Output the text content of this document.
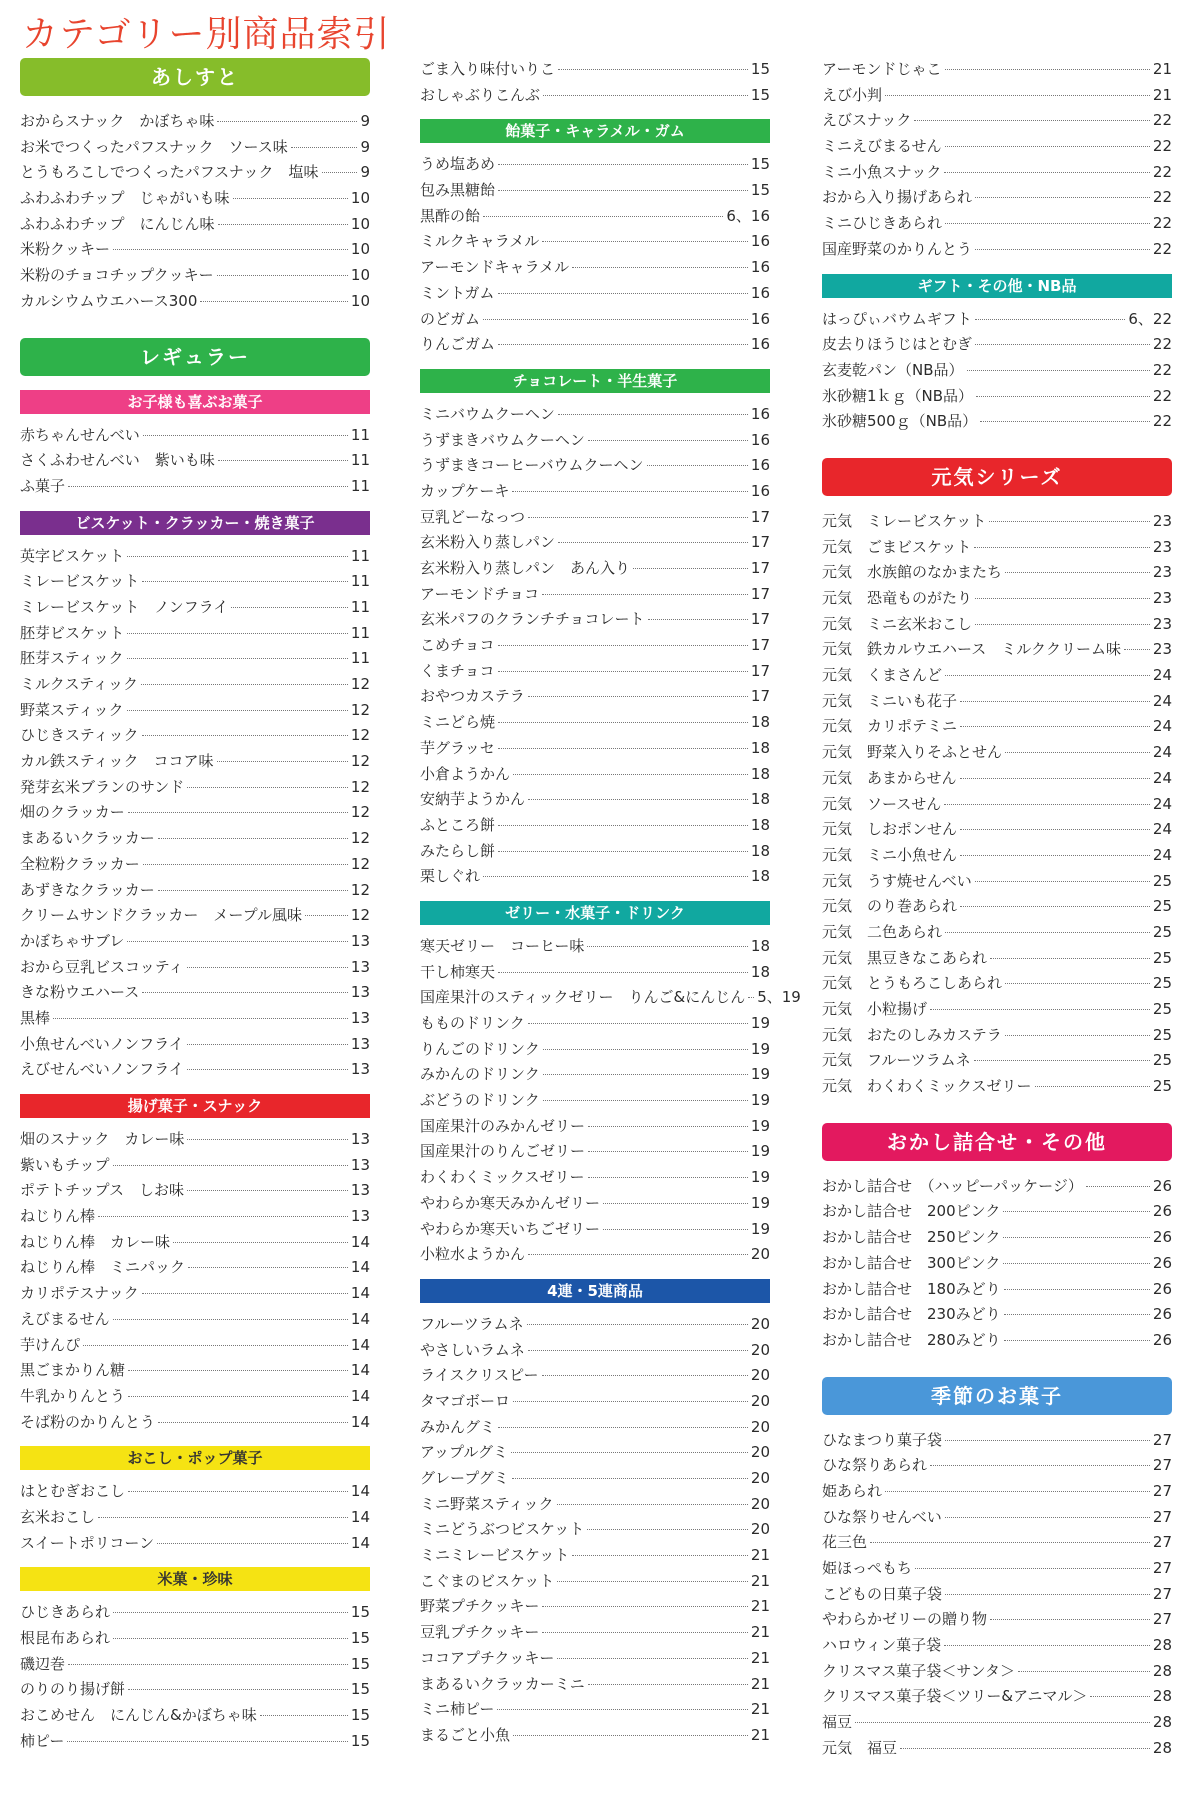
カテゴリー別商品索引
あしすと
おからスナック　かぼちゃ味	9
お米でつくったパフスナック　ソース味	9
とうもろこしでつくったパフスナック　塩味	9
ふわふわチップ　じゃがいも味	10
ふわふわチップ　にんじん味	10
米粉クッキー	10
米粉のチョコチップクッキー	10
カルシウムウエハース300	10
レギュラー
お子様も喜ぶお菓子
赤ちゃんせんべい	11
さくふわせんべい　紫いも味	11
ふ菓子	11
ビスケット・クラッカー・焼き菓子
英字ビスケット	11
ミレービスケット	11
ミレービスケット　ノンフライ	11
胚芽ビスケット	11
胚芽スティック	11
ミルクスティック	12
野菜スティック	12
ひじきスティック	12
カル鉄スティック　ココア味	12
発芽玄米ブランのサンド	12
畑のクラッカー	12
まあるいクラッカー	12
全粒粉クラッカー	12
あずきなクラッカー	12
クリームサンドクラッカー　メープル風味	12
かぼちゃサブレ	13
おから豆乳ビスコッティ	13
きな粉ウエハース	13
黒棒	13
小魚せんべいノンフライ	13
えびせんべいノンフライ	13
揚げ菓子・スナック
畑のスナック　カレー味	13
紫いもチップ	13
ポテトチップス　しお味	13
ねじりん棒	13
ねじりん棒　カレー味	14
ねじりん棒　ミニパック	14
カリポテスナック	14
えびまるせん	14
芋けんぴ	14
黒ごまかりん糖	14
牛乳かりんとう	14
そば粉のかりんとう	14
おこし・ポップ菓子
はとむぎおこし	14
玄米おこし	14
スイートポリコーン	14
米菓・珍味
ひじきあられ	15
根昆布あられ	15
磯辺巻	15
のりのり揚げ餅	15
おこめせん　にんじん&かぼちゃ味	15
柿ピー	15
ごま入り味付いりこ	15
おしゃぶりこんぶ	15
飴菓子・キャラメル・ガム
うめ塩あめ	15
包み黒糖飴	15
黒酢の飴	6、16
ミルクキャラメル	16
アーモンドキャラメル	16
ミントガム	16
のどガム	16
りんごガム	16
チョコレート・半生菓子
ミニバウムクーヘン	16
うずまきバウムクーヘン	16
うずまきコーヒーバウムクーヘン	16
カップケーキ	16
豆乳どーなっつ	17
玄米粉入り蒸しパン	17
玄米粉入り蒸しパン　あん入り	17
アーモンドチョコ	17
玄米パフのクランチチョコレート	17
こめチョコ	17
くまチョコ	17
おやつカステラ	17
ミニどら焼	18
芋グラッセ	18
小倉ようかん	18
安納芋ようかん	18
ふところ餅	18
みたらし餅	18
栗しぐれ	18
ゼリー・水菓子・ドリンク
寒天ゼリー　コーヒー味	18
干し柿寒天	18
国産果汁のスティックゼリー　りんご&にんじん 5、19
もものドリンク	19
りんごのドリンク	19
みかんのドリンク	19
ぶどうのドリンク	19
国産果汁のみかんゼリー	19
国産果汁のりんごゼリー	19
わくわくミックスゼリー	19
やわらか寒天みかんゼリー	19
やわらか寒天いちごゼリー	19
小粒水ようかん	20
4連・5連商品
フルーツラムネ	20
やさしいラムネ	20
ライスクリスピー	20
タマゴボーロ	20
みかんグミ	20
アップルグミ	20
グレープグミ	20
ミニ野菜スティック	20
ミニどうぶつビスケット	20
ミニミレービスケット	21
こぐまのビスケット	21
野菜プチクッキー	21
豆乳プチクッキー	21
ココアプチクッキー	21
まあるいクラッカーミニ	21
ミニ柿ピー	21
まるごと小魚	21
アーモンドじゃこ	21
えび小判	21
えびスナック	22
ミニえびまるせん	22
ミニ小魚スナック	22
おから入り揚げあられ	22
ミニひじきあられ	22
国産野菜のかりんとう	22
ギフト・その他・NB品
はっぴぃバウムギフト	6、22
皮去りほうじはとむぎ	22
玄麦乾パン（NB品）	22
氷砂糖1ｋｇ（NB品）	22
氷砂糖500ｇ（NB品）	22
元気シリーズ
元気　ミレービスケット	23
元気　ごまビスケット	23
元気　水族館のなかまたち	23
元気　恐竜ものがたり	23
元気　ミニ玄米おこし	23
元気　鉄カルウエハース　ミルククリーム味 23
元気　くまさんど	24
元気　ミニいも花子	24
元気　カリポテミニ	24
元気　野菜入りそふとせん	24
元気　あまからせん	24
元気　ソースせん	24
元気　しおポンせん	24
元気　ミニ小魚せん	24
元気　うす焼せんべい	25
元気　のり巻あられ	25
元気　二色あられ	25
元気　黒豆きなこあられ	25
元気　とうもろこしあられ	25
元気　小粒揚げ	25
元気　おたのしみカステラ	25
元気　フルーツラムネ	25
元気　わくわくミックスゼリー	25
おかし詰合せ・その他
おかし詰合せ　（ハッピーパッケージ）	26
おかし詰合せ　200ピンク	26
おかし詰合せ　250ピンク	26
おかし詰合せ　300ピンク	26
おかし詰合せ　180みどり	26
おかし詰合せ　230みどり	26
おかし詰合せ　280みどり	26
季節のお菓子
ひなまつり菓子袋	27
ひな祭りあられ	27
姫あられ	27
ひな祭りせんべい	27
花三色	27
姫ほっぺもち	27
こどもの日菓子袋	27
やわらかゼリーの贈り物	27
ハロウィン菓子袋	28
クリスマス菓子袋＜サンタ＞	28
クリスマス菓子袋＜ツリー&アニマル＞	28
福豆	28
元気　福豆	28
